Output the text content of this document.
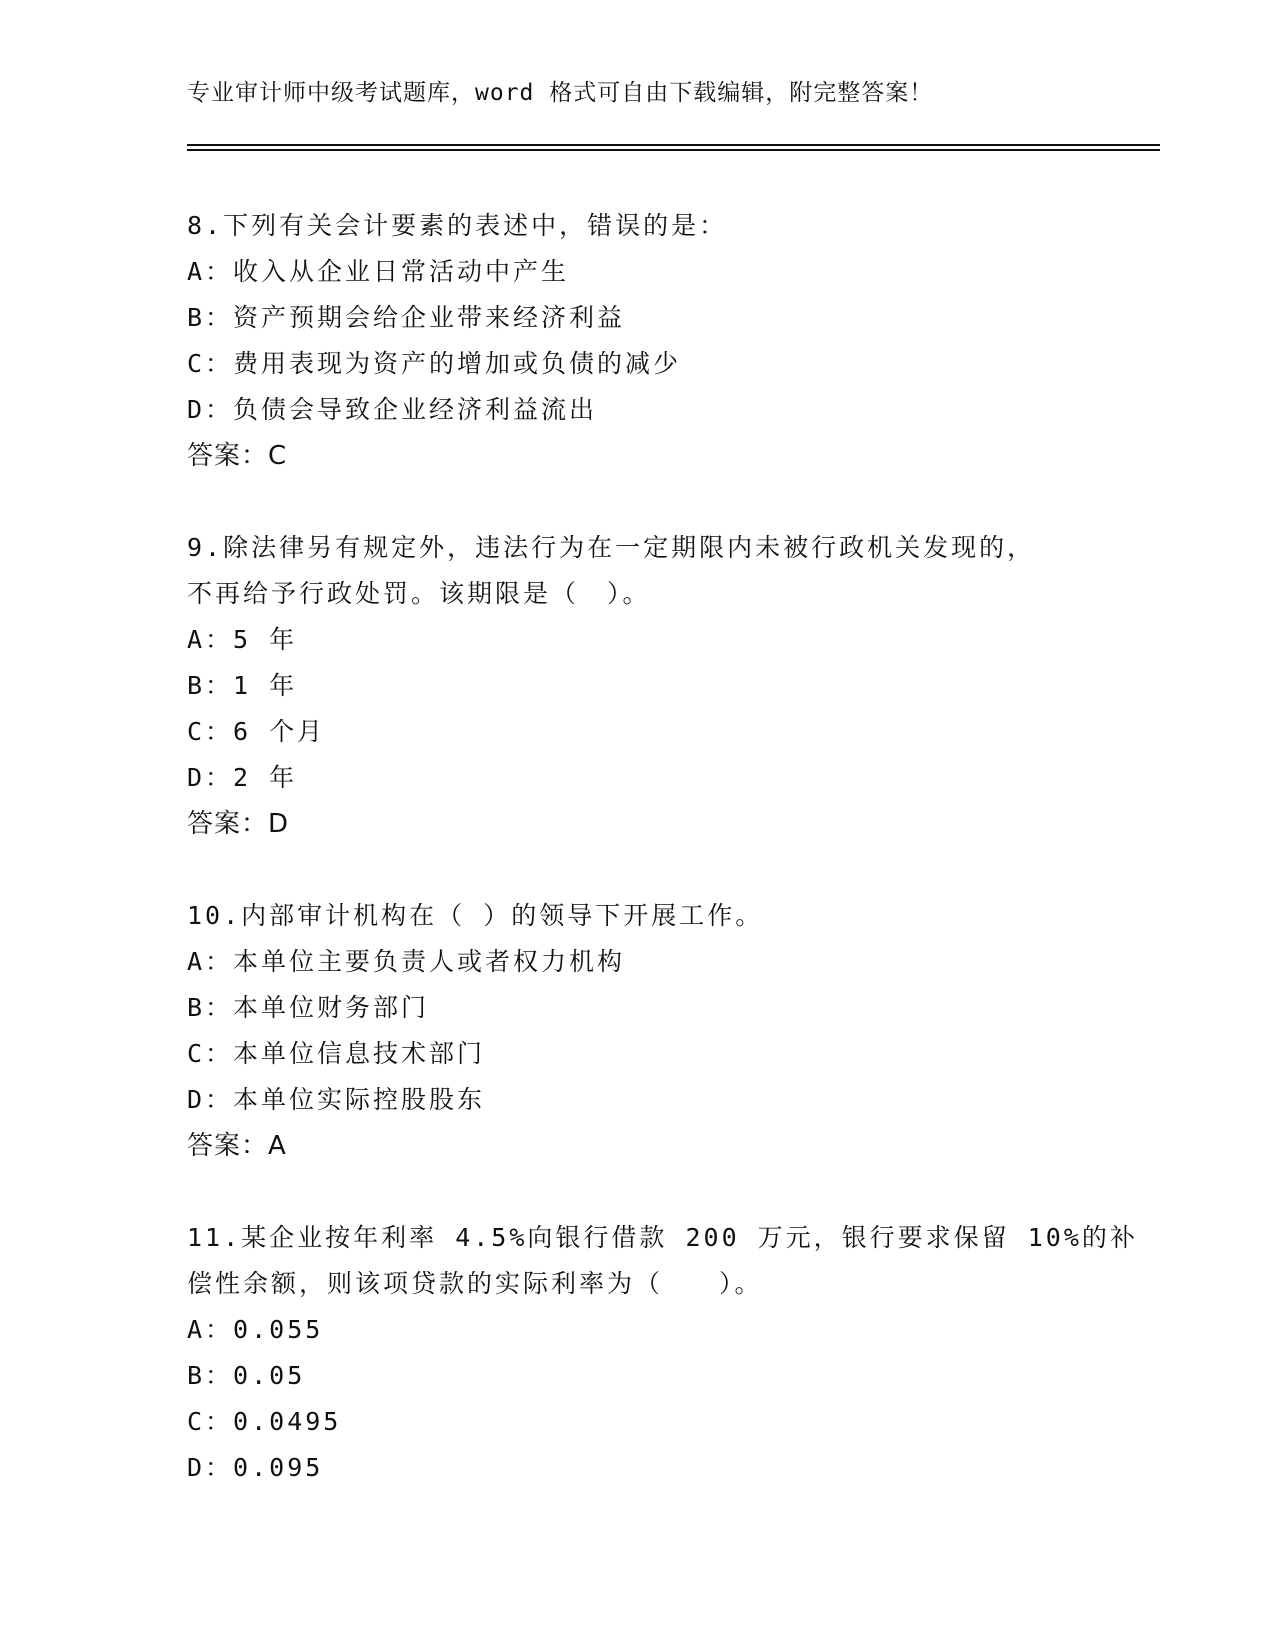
专业审计师中级考试题库，word 格式可自由下载编辑，附完整答案！
8.下列有关会计要素的表述中，错误的是：
A：收入从企业日常活动中产生
B：资产预期会给企业带来经济利益
C：费用表现为资产的增加或负债的减少
D：负债会导致企业经济利益流出
答案：C
9.除法律另有规定外，违法行为在一定期限内未被行政机关发现的，
不再给予行政处罚。该期限是（　）。
A：5 年
B：1 年
C：6 个月
D：2 年
答案：D
10.内部审计机构在（ ）的领导下开展工作。
A：本单位主要负责人或者权力机构
B：本单位财务部门
C：本单位信息技术部门
D：本单位实际控股股东
答案：A
11.某企业按年利率 4.5%向银行借款 200 万元，银行要求保留 10%的补
偿性余额，则该项贷款的实际利率为（　　）。
A：0.055
B：0.05
C：0.0495
D：0.095
